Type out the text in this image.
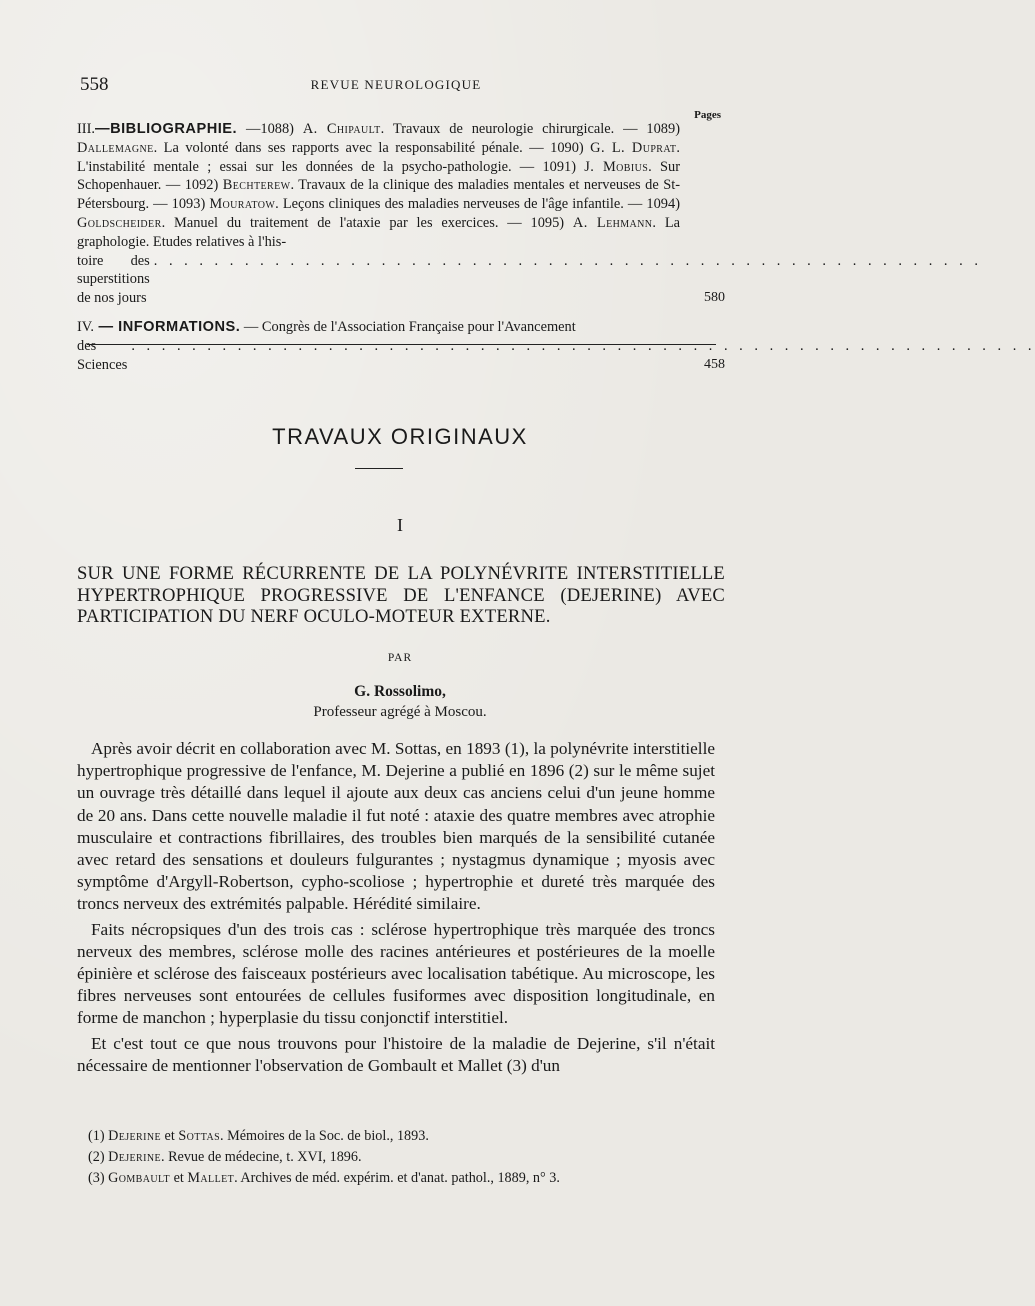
558	REVUE NEUROLOGIQUE
Pages
III.—BIBLIOGRAPHIE. —1088) A. Chipault. Travaux de neurologie chirurgicale. — 1089) Dallemagne. La volonté dans ses rapports avec la responsabilité pénale. — 1090) G. L. Duprat. L'instabilité mentale ; essai sur les données de la psycho-pathologie. — 1091) J. Mobius. Sur Schopenhauer. — 1092) Bechterew. Travaux de la clinique des maladies mentales et nerveuses de St-Pétersbourg. — 1093) Mouratow. Leçons cliniques des maladies nerveuses de l'âge infantile. — 1094) Goldscheider. Manuel du traitement de l'ataxie par les exercices. — 1095) A. Lehmann. La graphologie. Etudes relatives à l'his-
toire des superstitions de nos jours
. . . . . . . . . . . . . . . . . . . . . . . . . . . . . . . . . . . . . . . . . . . . . . . . . . . . . . .
580
IV. — INFORMATIONS. — Congrès de l'Association Française pour l'Avancement
des Sciences
. . . . . . . . . . . . . . . . . . . . . . . . . . . . . . . . . . . . . . . . . . . . . . . . . . . . . . . . . . . .
458
TRAVAUX ORIGINAUX
I
SUR UNE FORME RÉCURRENTE DE LA POLYNÉVRITE INTERSTITIELLE HYPERTROPHIQUE PROGRESSIVE DE L'ENFANCE (DEJERINE) AVEC PARTICIPATION DU NERF OCULO-MOTEUR EXTERNE.
PAR
G. Rossolimo,
Professeur agrégé à Moscou.

Après avoir décrit en collaboration avec M. Sottas, en 1893 (1), la polynévrite interstitielle hypertrophique progressive de l'enfance, M. Dejerine a publié en 1896 (2) sur le même sujet un ouvrage très détaillé dans lequel il ajoute aux deux cas anciens celui d'un jeune homme de 20 ans. Dans cette nouvelle maladie il fut noté : ataxie des quatre membres avec atrophie musculaire et contractions fibrillaires, des troubles bien marqués de la sensibilité cutanée avec retard des sensations et douleurs fulgurantes ; nystagmus dynamique ; myosis avec symptôme d'Argyll-Robertson, cypho-scoliose ; hypertrophie et dureté très marquée des troncs nerveux des extrémités palpable. Hérédité similaire.

Faits nécropsiques d'un des trois cas : sclérose hypertrophique très marquée des troncs nerveux des membres, sclérose molle des racines antérieures et postérieures de la moelle épinière et sclérose des faisceaux postérieurs avec localisation tabétique. Au microscope, les fibres nerveuses sont entourées de cellules fusiformes avec disposition longitudinale, en forme de manchon ; hyperplasie du tissu conjonctif interstitiel.

Et c'est tout ce que nous trouvons pour l'histoire de la maladie de Dejerine, s'il n'était nécessaire de mentionner l'observation de Gombault et Mallet (3) d'un

(1) Dejerine et Sottas. Mémoires de la Soc. de biol., 1893.
(2) Dejerine. Revue de médecine, t. XVI, 1896.
(3) Gombault et Mallet. Archives de méd. expérim. et d'anat. pathol., 1889, n° 3.
